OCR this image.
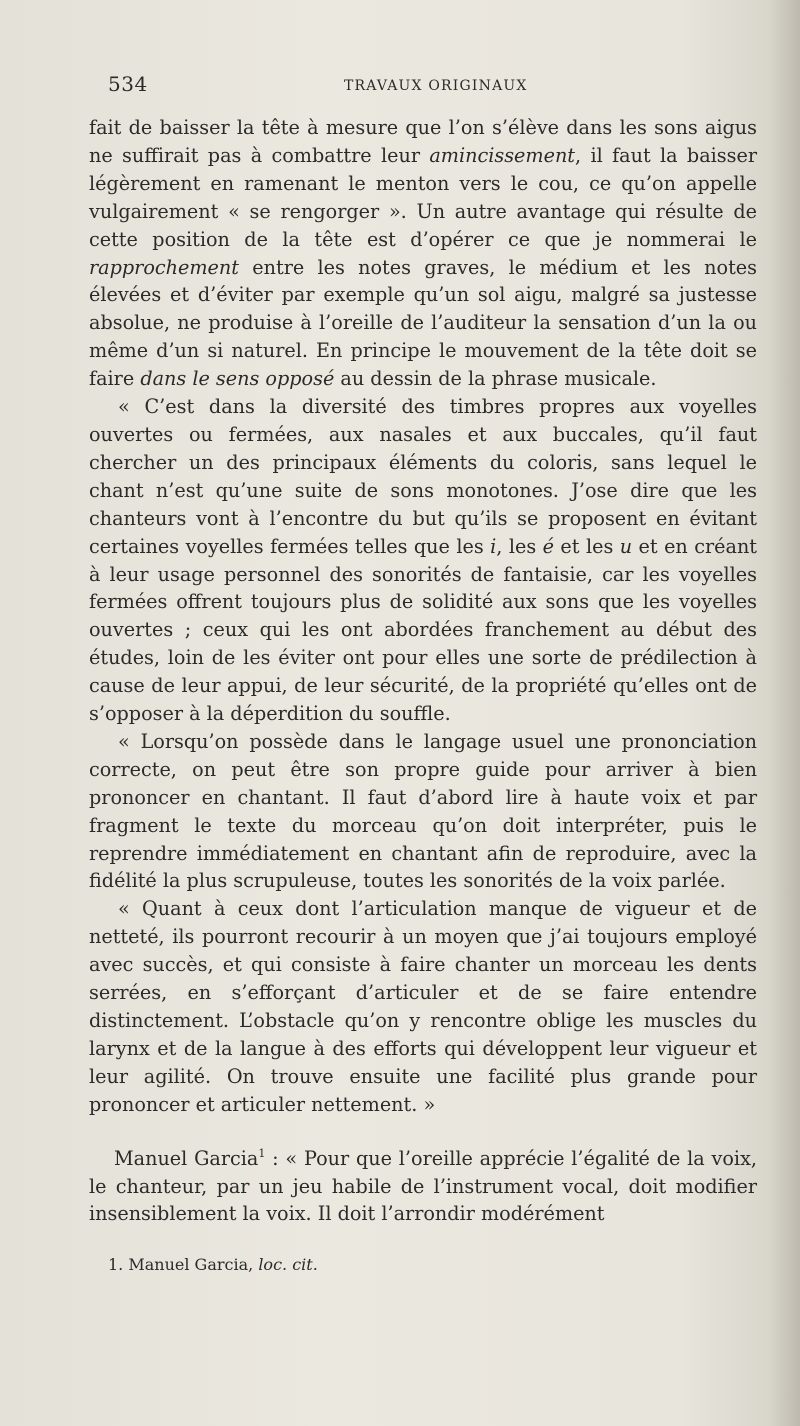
534	TRAVAUX ORIGINAUX

fait de baisser la tête à mesure que l’on s’élève dans les sons aigus ne suffirait pas à combattre leur amincissement, il faut la baisser légèrement en ramenant le menton vers le cou, ce qu’on appelle vulgairement « se rengorger ». Un autre avantage qui résulte de cette position de la tête est d’opérer ce que je nommerai le rapprochement entre les notes graves, le médium et les notes élevées et d’éviter par exemple qu’un sol aigu, malgré sa justesse absolue, ne produise à l’oreille de l’auditeur la sensation d’un la ou même d’un si naturel. En principe le mouvement de la tête doit se faire dans le sens opposé au dessin de la phrase musicale.

« C’est dans la diversité des timbres propres aux voyelles ouvertes ou fermées, aux nasales et aux buccales, qu’il faut chercher un des principaux éléments du coloris, sans lequel le chant n’est qu’une suite de sons monotones. J’ose dire que les chanteurs vont à l’encontre du but qu’ils se proposent en évitant certaines voyelles fermées telles que les i, les é et les u et en créant à leur usage personnel des sonorités de fantaisie, car les voyelles fermées offrent toujours plus de solidité aux sons que les voyelles ouvertes ; ceux qui les ont abordées franchement au début des études, loin de les éviter ont pour elles une sorte de prédilection à cause de leur appui, de leur sécurité, de la propriété qu’elles ont de s’opposer à la déperdition du souffle.

« Lorsqu’on possède dans le langage usuel une prononciation correcte, on peut être son propre guide pour arriver à bien prononcer en chantant. Il faut d’abord lire à haute voix et par fragment le texte du morceau qu’on doit interpréter, puis le reprendre immédiatement en chantant afin de reproduire, avec la fidélité la plus scrupuleuse, toutes les sonorités de la voix parlée.

« Quant à ceux dont l’articulation manque de vigueur et de netteté, ils pourront recourir à un moyen que j’ai toujours employé avec succès, et qui consiste à faire chanter un morceau les dents serrées, en s’efforçant d’articuler et de se faire entendre distinctement. L’obstacle qu’on y rencontre oblige les muscles du larynx et de la langue à des efforts qui développent leur vigueur et leur agilité. On trouve ensuite une facilité plus grande pour prononcer et articuler nettement. »

Manuel Garcia$^1$ : « Pour que l’oreille apprécie l’égalité de la voix, le chanteur, par un jeu habile de l’instrument vocal, doit modifier insensiblement la voix. Il doit l’arrondir modérément

1. Manuel Garcia, loc. cit.
